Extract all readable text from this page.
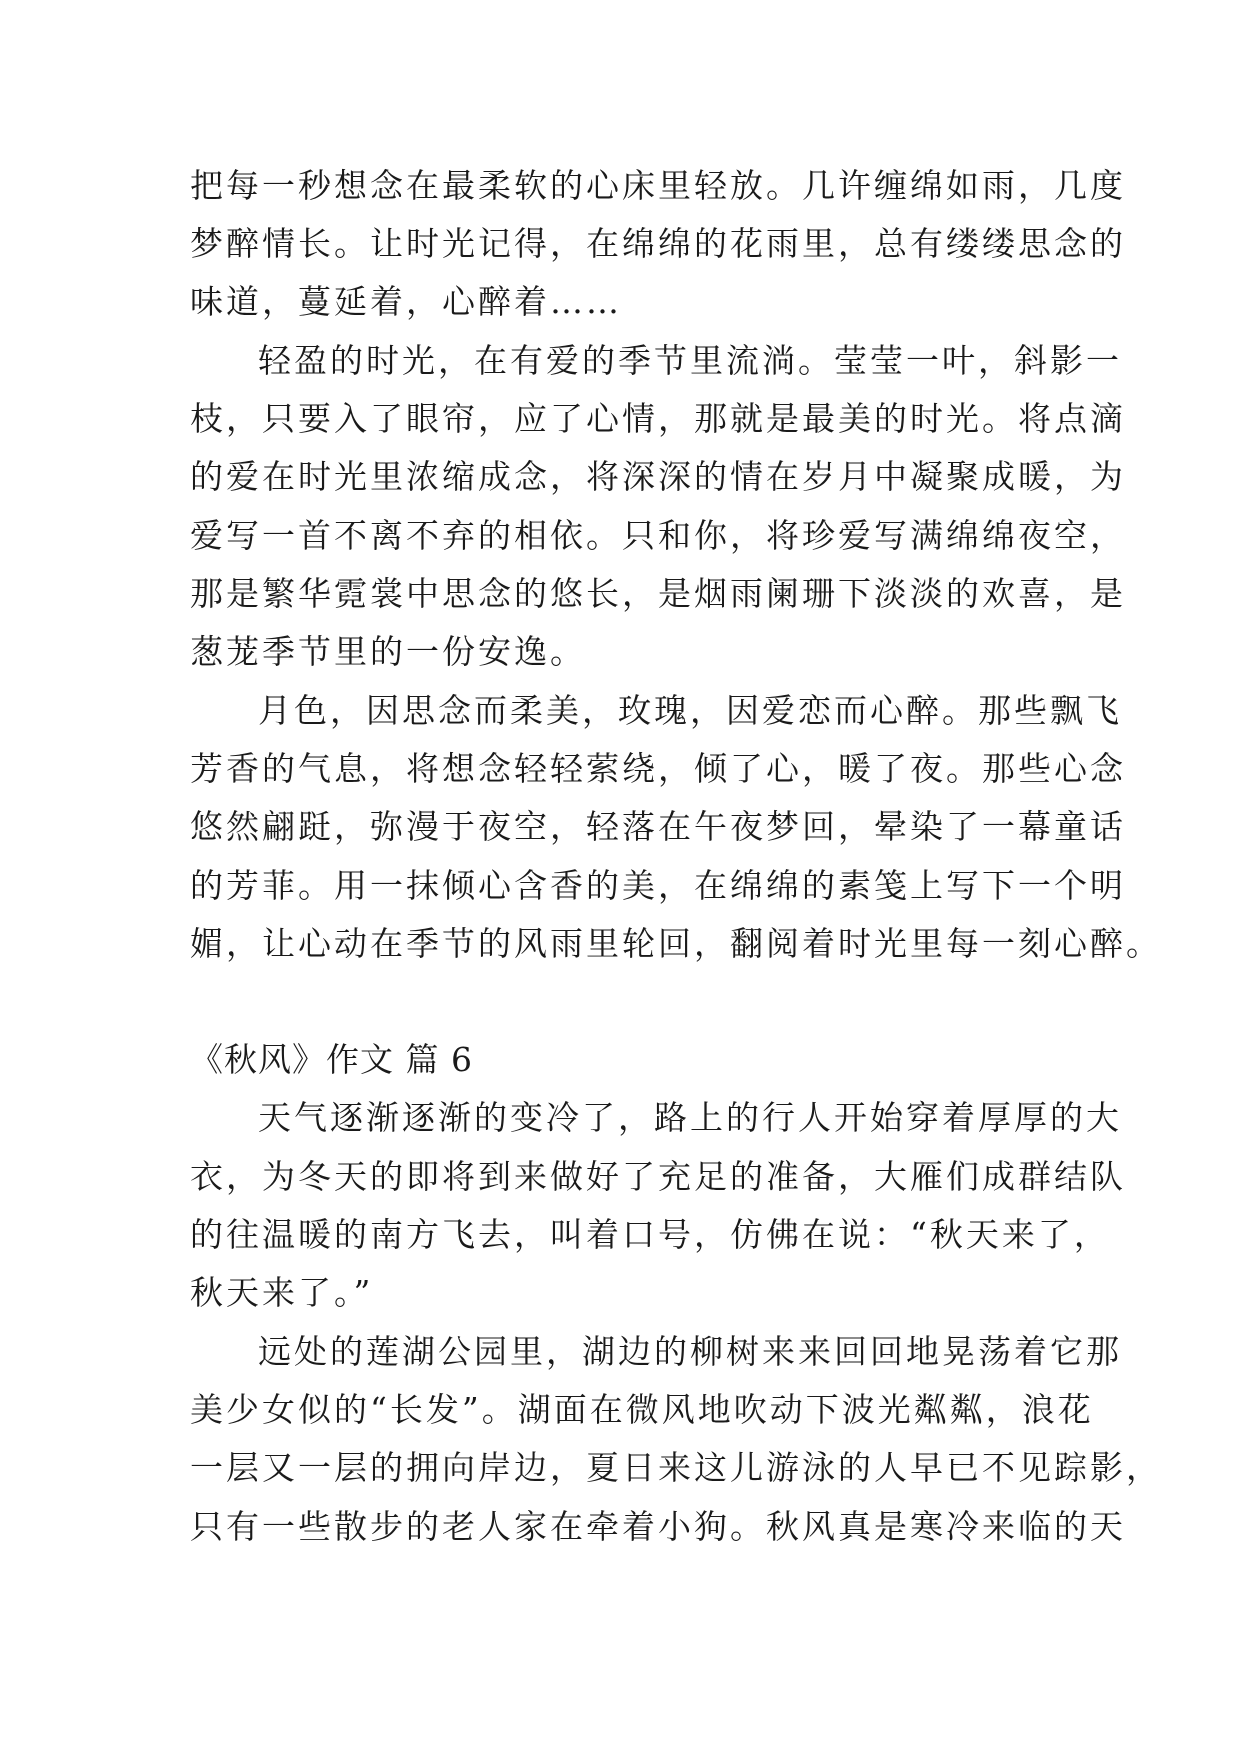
把每一秒想念在最柔软的心床里轻放。几许缠绵如雨，几度

梦醉情长。让时光记得，在绵绵的花雨里，总有缕缕思念的

味道，蔓延着，心醉着……

轻盈的时光，在有爱的季节里流淌。莹莹一叶，斜影一

枝，只要入了眼帘，应了心情，那就是最美的时光。将点滴

的爱在时光里浓缩成念，将深深的情在岁月中凝聚成暖，为

爱写一首不离不弃的相依。只和你，将珍爱写满绵绵夜空，

那是繁华霓裳中思念的悠长，是烟雨阑珊下淡淡的欢喜，是

葱茏季节里的一份安逸。

月色，因思念而柔美，玫瑰，因爱恋而心醉。那些飘飞

芳香的气息，将想念轻轻萦绕，倾了心，暖了夜。那些心念

悠然翩跹，弥漫于夜空，轻落在午夜梦回，晕染了一幕童话

的芳菲。用一抹倾心含香的美，在绵绵的素笺上写下一个明

媚，让心动在季节的风雨里轮回，翻阅着时光里每一刻心醉。

《秋风》作文 篇 6

天气逐渐逐渐的变冷了，路上的行人开始穿着厚厚的大

衣，为冬天的即将到来做好了充足的准备，大雁们成群结队

的往温暖的南方飞去，叫着口号，仿佛在说：“秋天来了，

秋天来了。”

远处的莲湖公园里，湖边的柳树来来回回地晃荡着它那

美少女似的“长发”。湖面在微风地吹动下波光粼粼，浪花

一层又一层的拥向岸边，夏日来这儿游泳的人早已不见踪影，

只有一些散步的老人家在牵着小狗。秋风真是寒冷来临的天
